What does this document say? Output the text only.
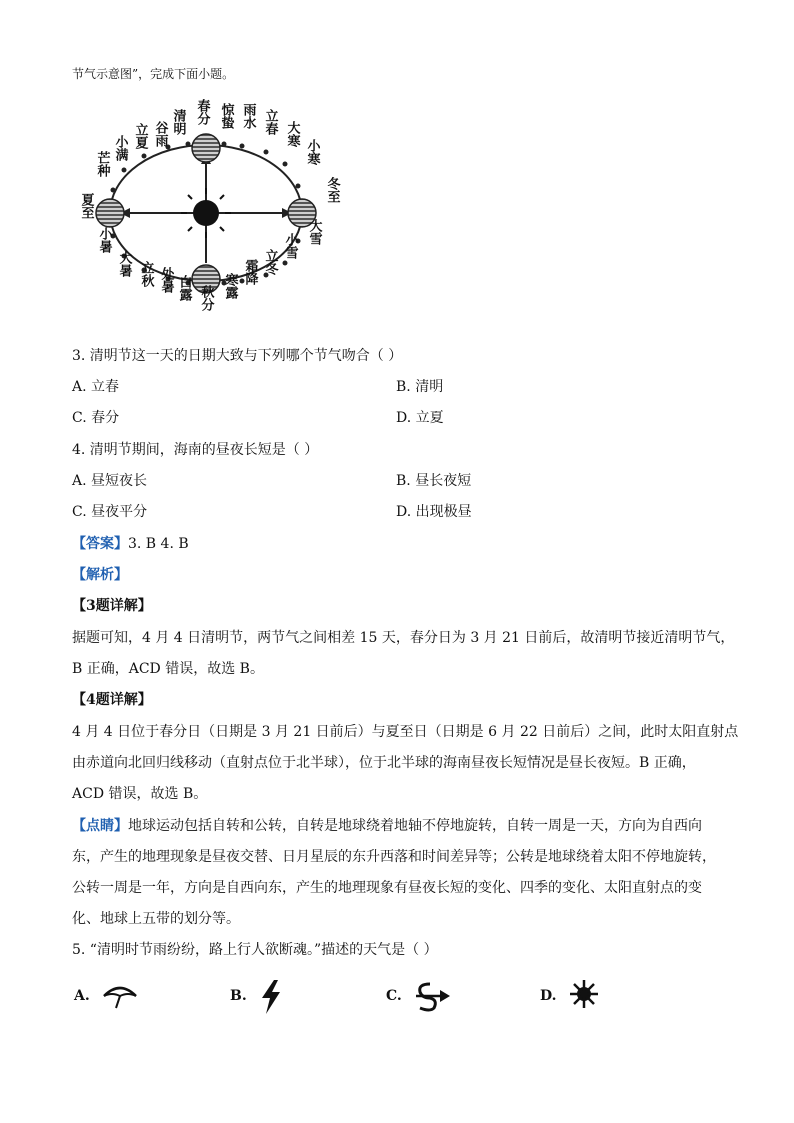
节气示意图”，完成下面小题。
春分
清明
谷雨
立夏
小满
芒种
夏至
小暑
大暑 立秋 处暑 白露 秋分 寒露
霜降 立冬
小雪
大雪
冬至
小寒
大寒
立春
雨水
惊蛰
3. 清明节这一天的日期大致与下列哪个节气吻合（ ）
A. 立春	B. 清明
C. 春分	D. 立夏
4. 清明节期间，海南的昼夜长短是（ ）
A. 昼短夜长	B. 昼长夜短
C. 昼夜平分	D. 出现极昼
【答案】3. B 4. B
【解析】
【3题详解】
据题可知，4 月 4 日清明节，两节气之间相差 15 天，春分日为 3 月 21 日前后，故清明节接近清明节气，
B 正确，ACD 错误，故选 B。
【4题详解】
4 月 4 日位于春分日（日期是 3 月 21 日前后）与夏至日（日期是 6 月 22 日前后）之间，此时太阳直射点
由赤道向北回归线移动（直射点位于北半球），位于北半球的海南昼夜长短情况是昼长夜短。B 正确，
ACD 错误，故选 B。
【点睛】地球运动包括自转和公转，自转是地球绕着地轴不停地旋转，自转一周是一天，方向为自西向
东，产生的地理现象是昼夜交替、日月星辰的东升西落和时间差异等；公转是地球绕着太阳不停地旋转，
公转一周是一年，方向是自西向东，产生的地理现象有昼夜长短的变化、四季的变化、太阳直射点的变
化、地球上五带的划分等。
5. “清明时节雨纷纷，路上行人欲断魂。”描述的天气是（ ）
A.	B.	C.	D.
